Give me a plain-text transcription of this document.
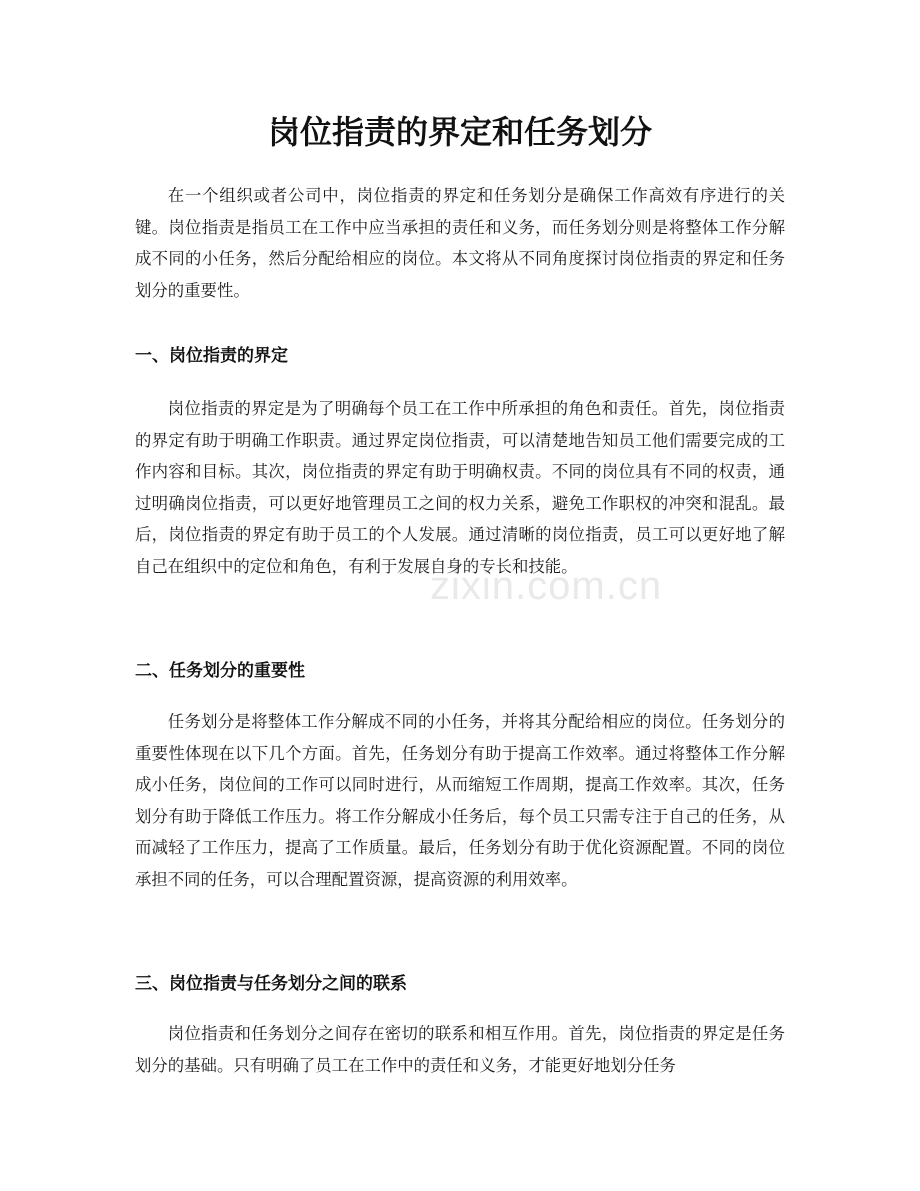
zixin.com.cn
岗位指责的界定和任务划分

在一个组织或者公司中，岗位指责的界定和任务划分是确保工作高效有序进行的关键。岗位指责是指员工在工作中应当承担的责任和义务，而任务划分则是将整体工作分解成不同的小任务，然后分配给相应的岗位。本文将从不同角度探讨岗位指责的界定和任务划分的重要性。

一、岗位指责的界定

岗位指责的界定是为了明确每个员工在工作中所承担的角色和责任。首先，岗位指责的界定有助于明确工作职责。通过界定岗位指责，可以清楚地告知员工他们需要完成的工作内容和目标。其次，岗位指责的界定有助于明确权责。不同的岗位具有不同的权责，通过明确岗位指责，可以更好地管理员工之间的权力关系，避免工作职权的冲突和混乱。最后，岗位指责的界定有助于员工的个人发展。通过清晰的岗位指责，员工可以更好地了解自己在组织中的定位和角色，有利于发展自身的专长和技能。

二、任务划分的重要性

任务划分是将整体工作分解成不同的小任务，并将其分配给相应的岗位。任务划分的重要性体现在以下几个方面。首先，任务划分有助于提高工作效率。通过将整体工作分解成小任务，岗位间的工作可以同时进行，从而缩短工作周期，提高工作效率。其次，任务划分有助于降低工作压力。将工作分解成小任务后，每个员工只需专注于自己的任务，从而减轻了工作压力，提高了工作质量。最后，任务划分有助于优化资源配置。不同的岗位承担不同的任务，可以合理配置资源，提高资源的利用效率。

三、岗位指责与任务划分之间的联系

岗位指责和任务划分之间存在密切的联系和相互作用。首先，岗位指责的界定是任务划分的基础。只有明确了员工在工作中的责任和义务，才能更好地划分任务
